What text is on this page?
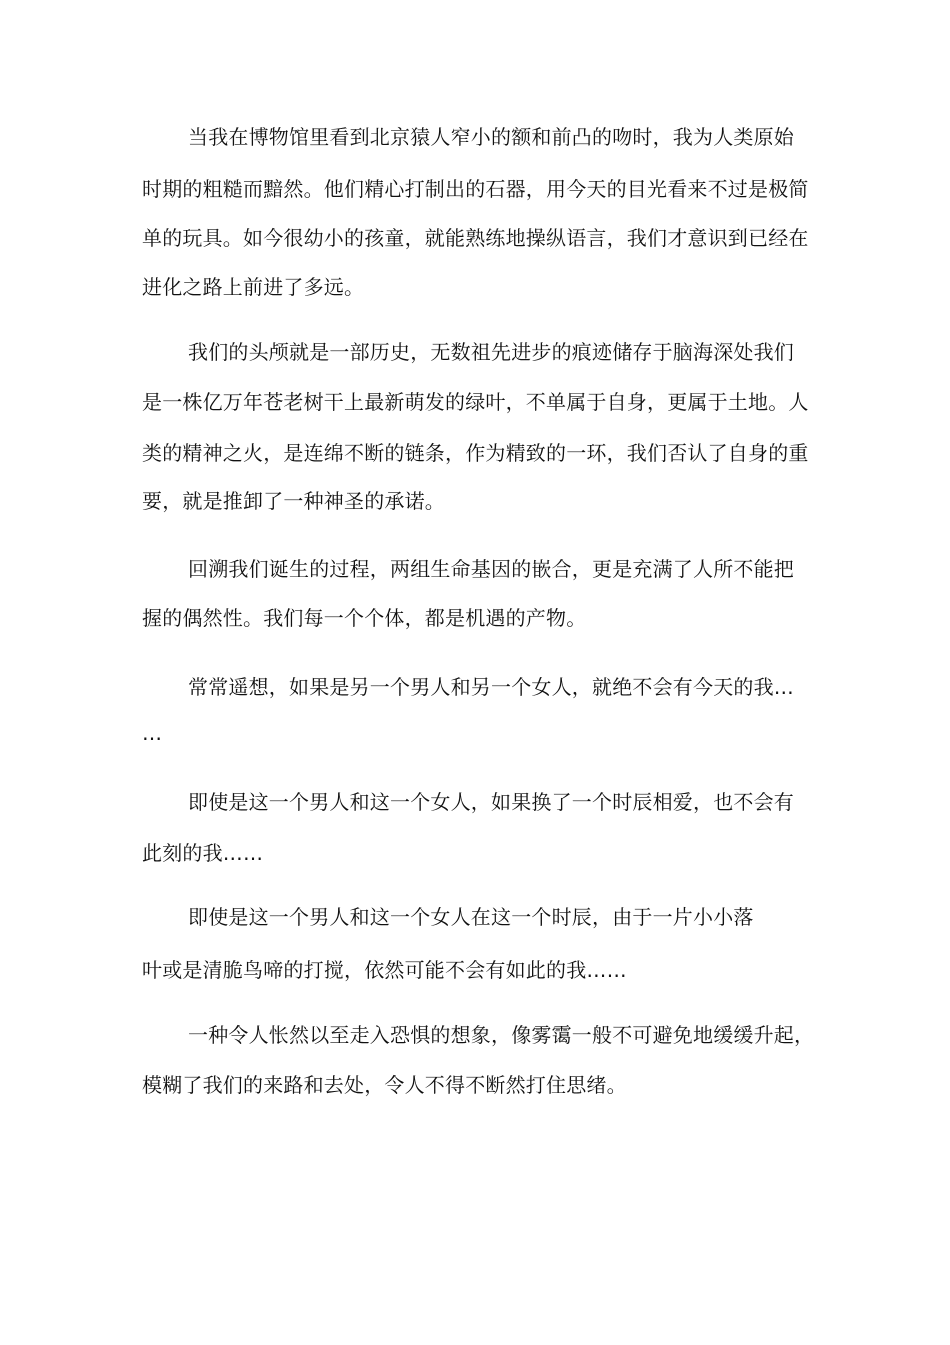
当我在博物馆里看到北京猿人窄小的额和前凸的吻时，我为人类原始
时期的粗糙而黯然。他们精心打制出的石器，用今天的目光看来不过是极简
单的玩具。如今很幼小的孩童，就能熟练地操纵语言，我们才意识到已经在
进化之路上前进了多远。
我们的头颅就是一部历史，无数祖先进步的痕迹储存于脑海深处我们
是一株亿万年苍老树干上最新萌发的绿叶，不单属于自身，更属于土地。人
类的精神之火，是连绵不断的链条，作为精致的一环，我们否认了自身的重
要，就是推卸了一种神圣的承诺。
回溯我们诞生的过程，两组生命基因的嵌合，更是充满了人所不能把
握的偶然性。我们每一个个体，都是机遇的产物。
常常遥想，如果是另一个男人和另一个女人，就绝不会有今天的我…
…
即使是这一个男人和这一个女人，如果换了一个时辰相爱，也不会有
此刻的我……
即使是这一个男人和这一个女人在这一个时辰，由于一片小小落
叶或是清脆鸟啼的打搅，依然可能不会有如此的我……
一种令人怅然以至走入恐惧的想象，像雾霭一般不可避免地缓缓升起，
模糊了我们的来路和去处，令人不得不断然打住思绪。
